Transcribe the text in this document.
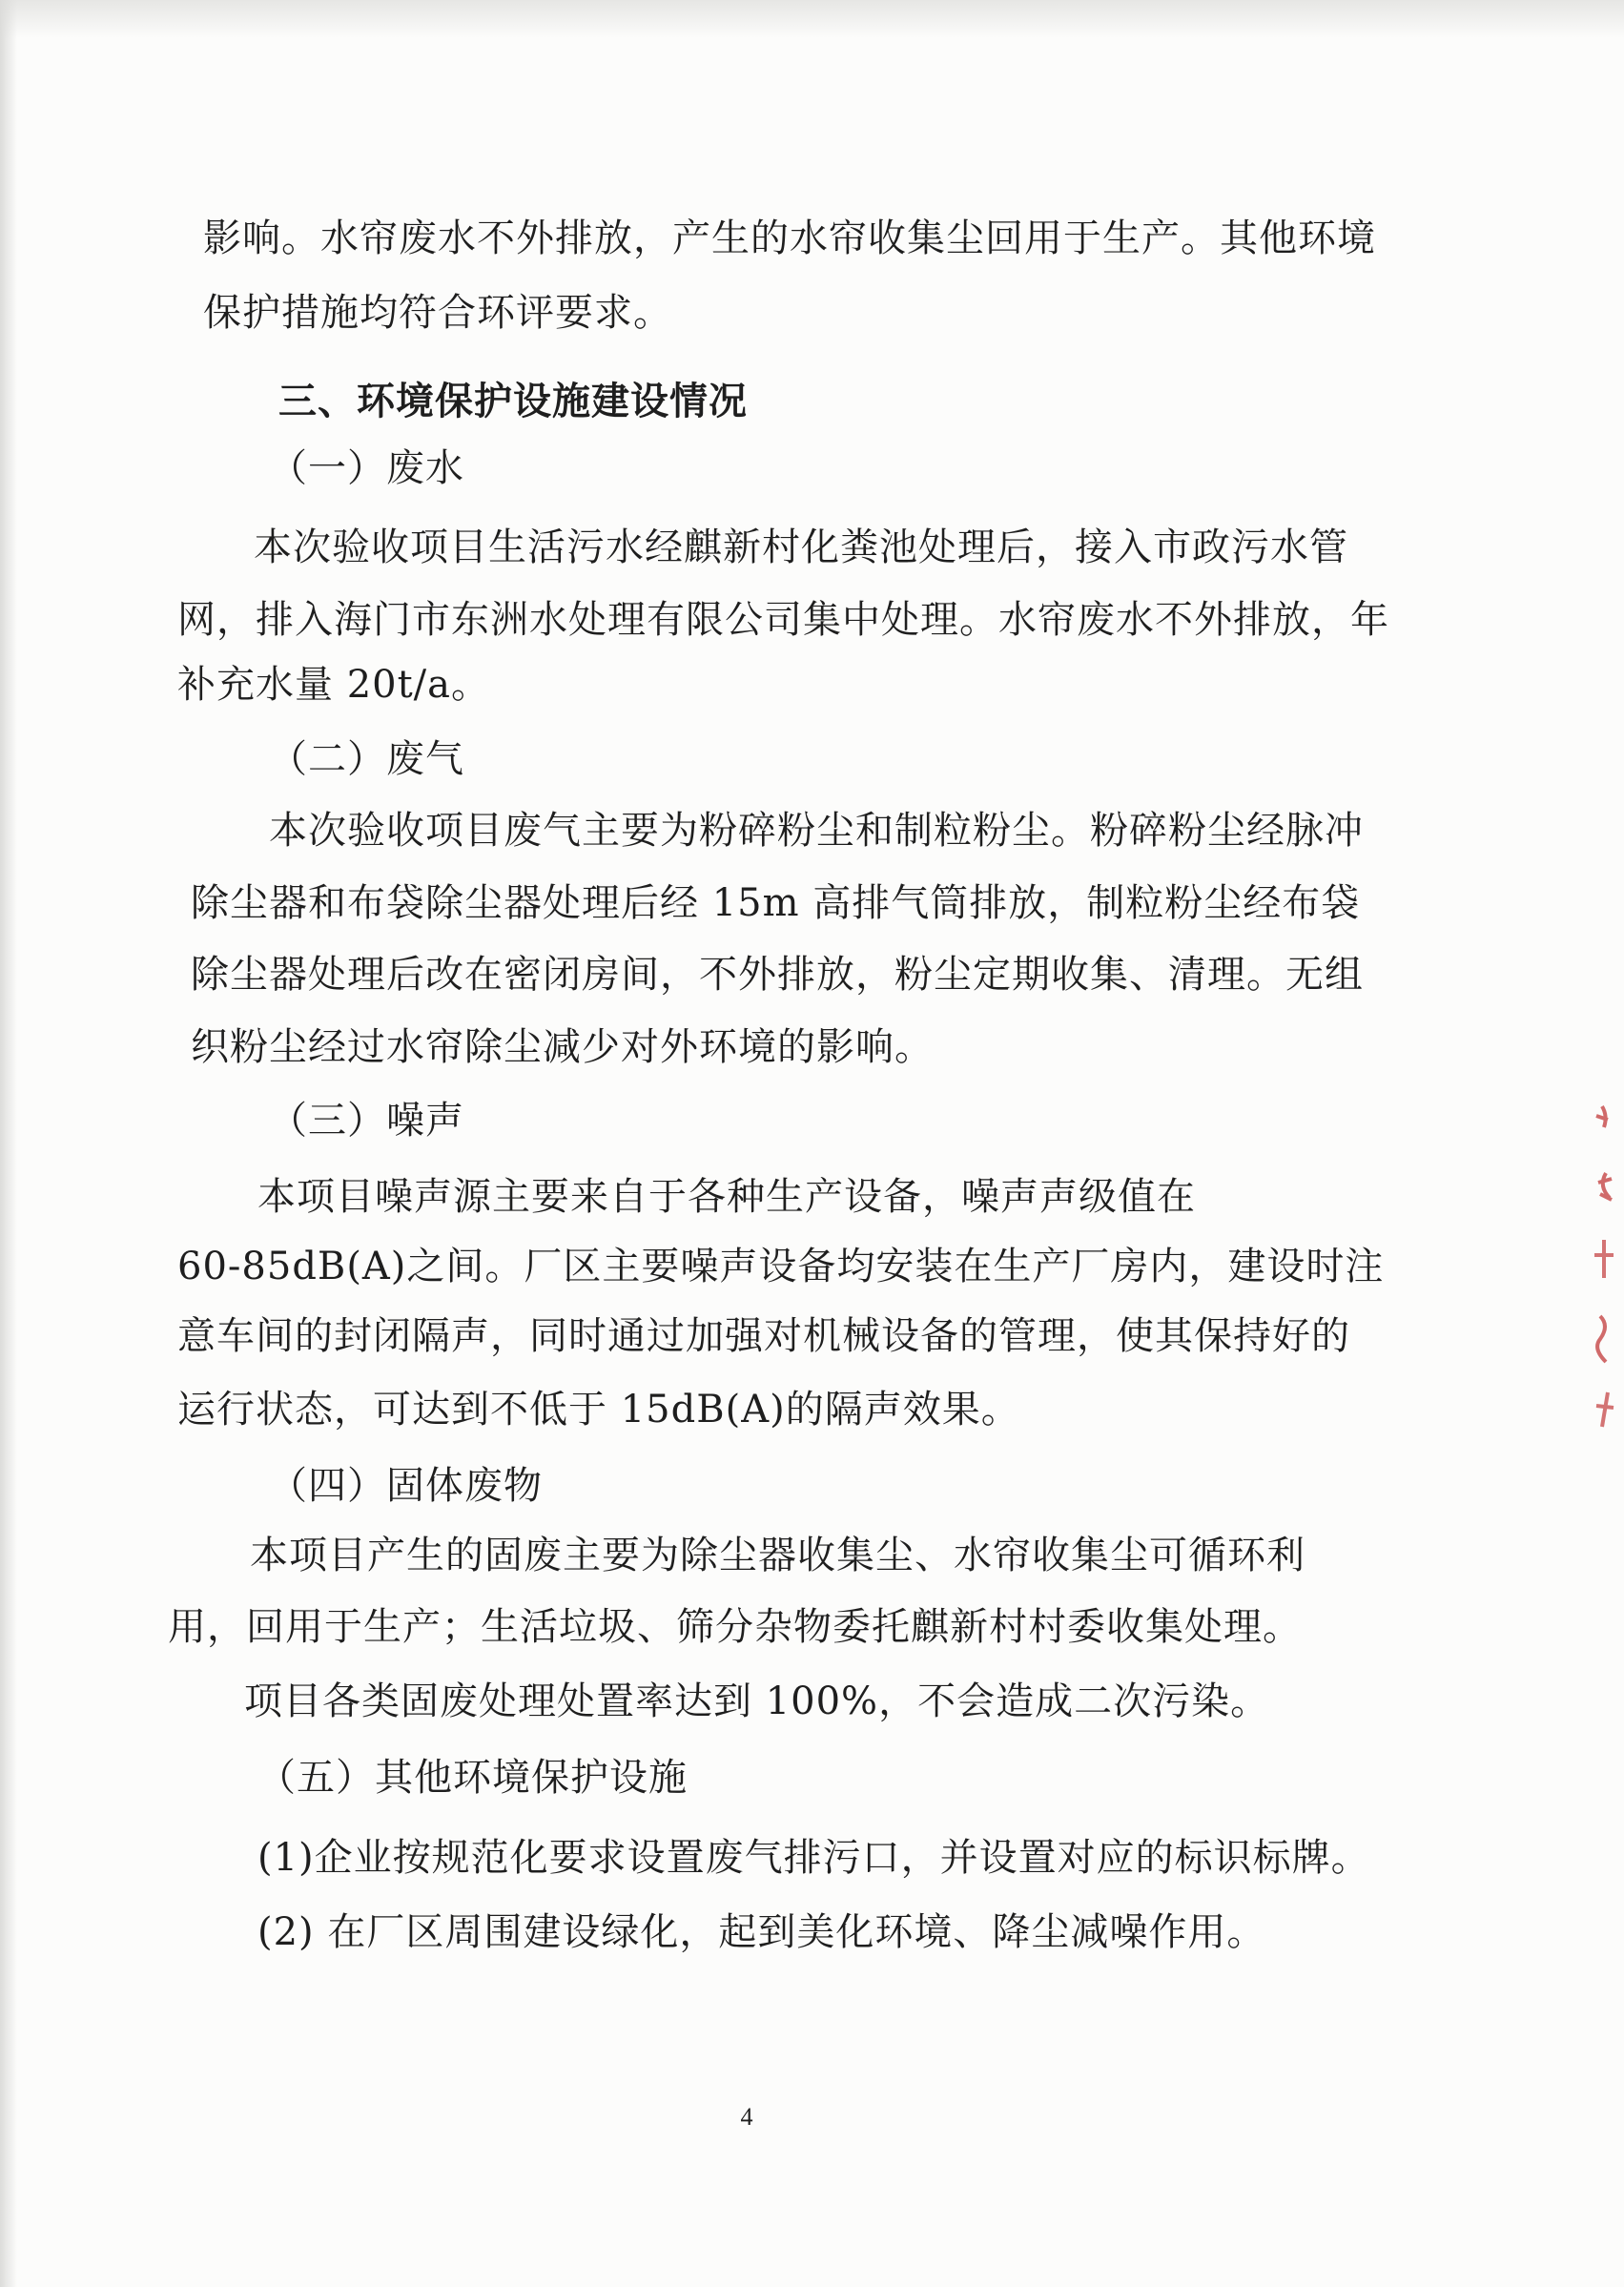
影响。水帘废水不外排放，产生的水帘收集尘回用于生产。其他环境
保护措施均符合环评要求。
三、环境保护设施建设情况
（一）废水
本次验收项目生活污水经麒新村化粪池处理后，接入市政污水管
网，排入海门市东洲水处理有限公司集中处理。水帘废水不外排放，年
补充水量 20t/a。
（二）废气
本次验收项目废气主要为粉碎粉尘和制粒粉尘。粉碎粉尘经脉冲
除尘器和布袋除尘器处理后经 15m 高排气筒排放，制粒粉尘经布袋
除尘器处理后改在密闭房间，不外排放，粉尘定期收集、清理。无组
织粉尘经过水帘除尘减少对外环境的影响。
（三）噪声
本项目噪声源主要来自于各种生产设备，噪声声级值在
60-85dB(A)之间。厂区主要噪声设备均安装在生产厂房内，建设时注
意车间的封闭隔声，同时通过加强对机械设备的管理，使其保持好的
运行状态，可达到不低于 15dB(A)的隔声效果。
（四）固体废物
本项目产生的固废主要为除尘器收集尘、水帘收集尘可循环利
用，回用于生产；生活垃圾、筛分杂物委托麒新村村委收集处理。
项目各类固废处理处置率达到 100%，不会造成二次污染。
（五）其他环境保护设施
(1)企业按规范化要求设置废气排污口，并设置对应的标识标牌。
(2) 在厂区周围建设绿化，起到美化环境、降尘减噪作用。
4
